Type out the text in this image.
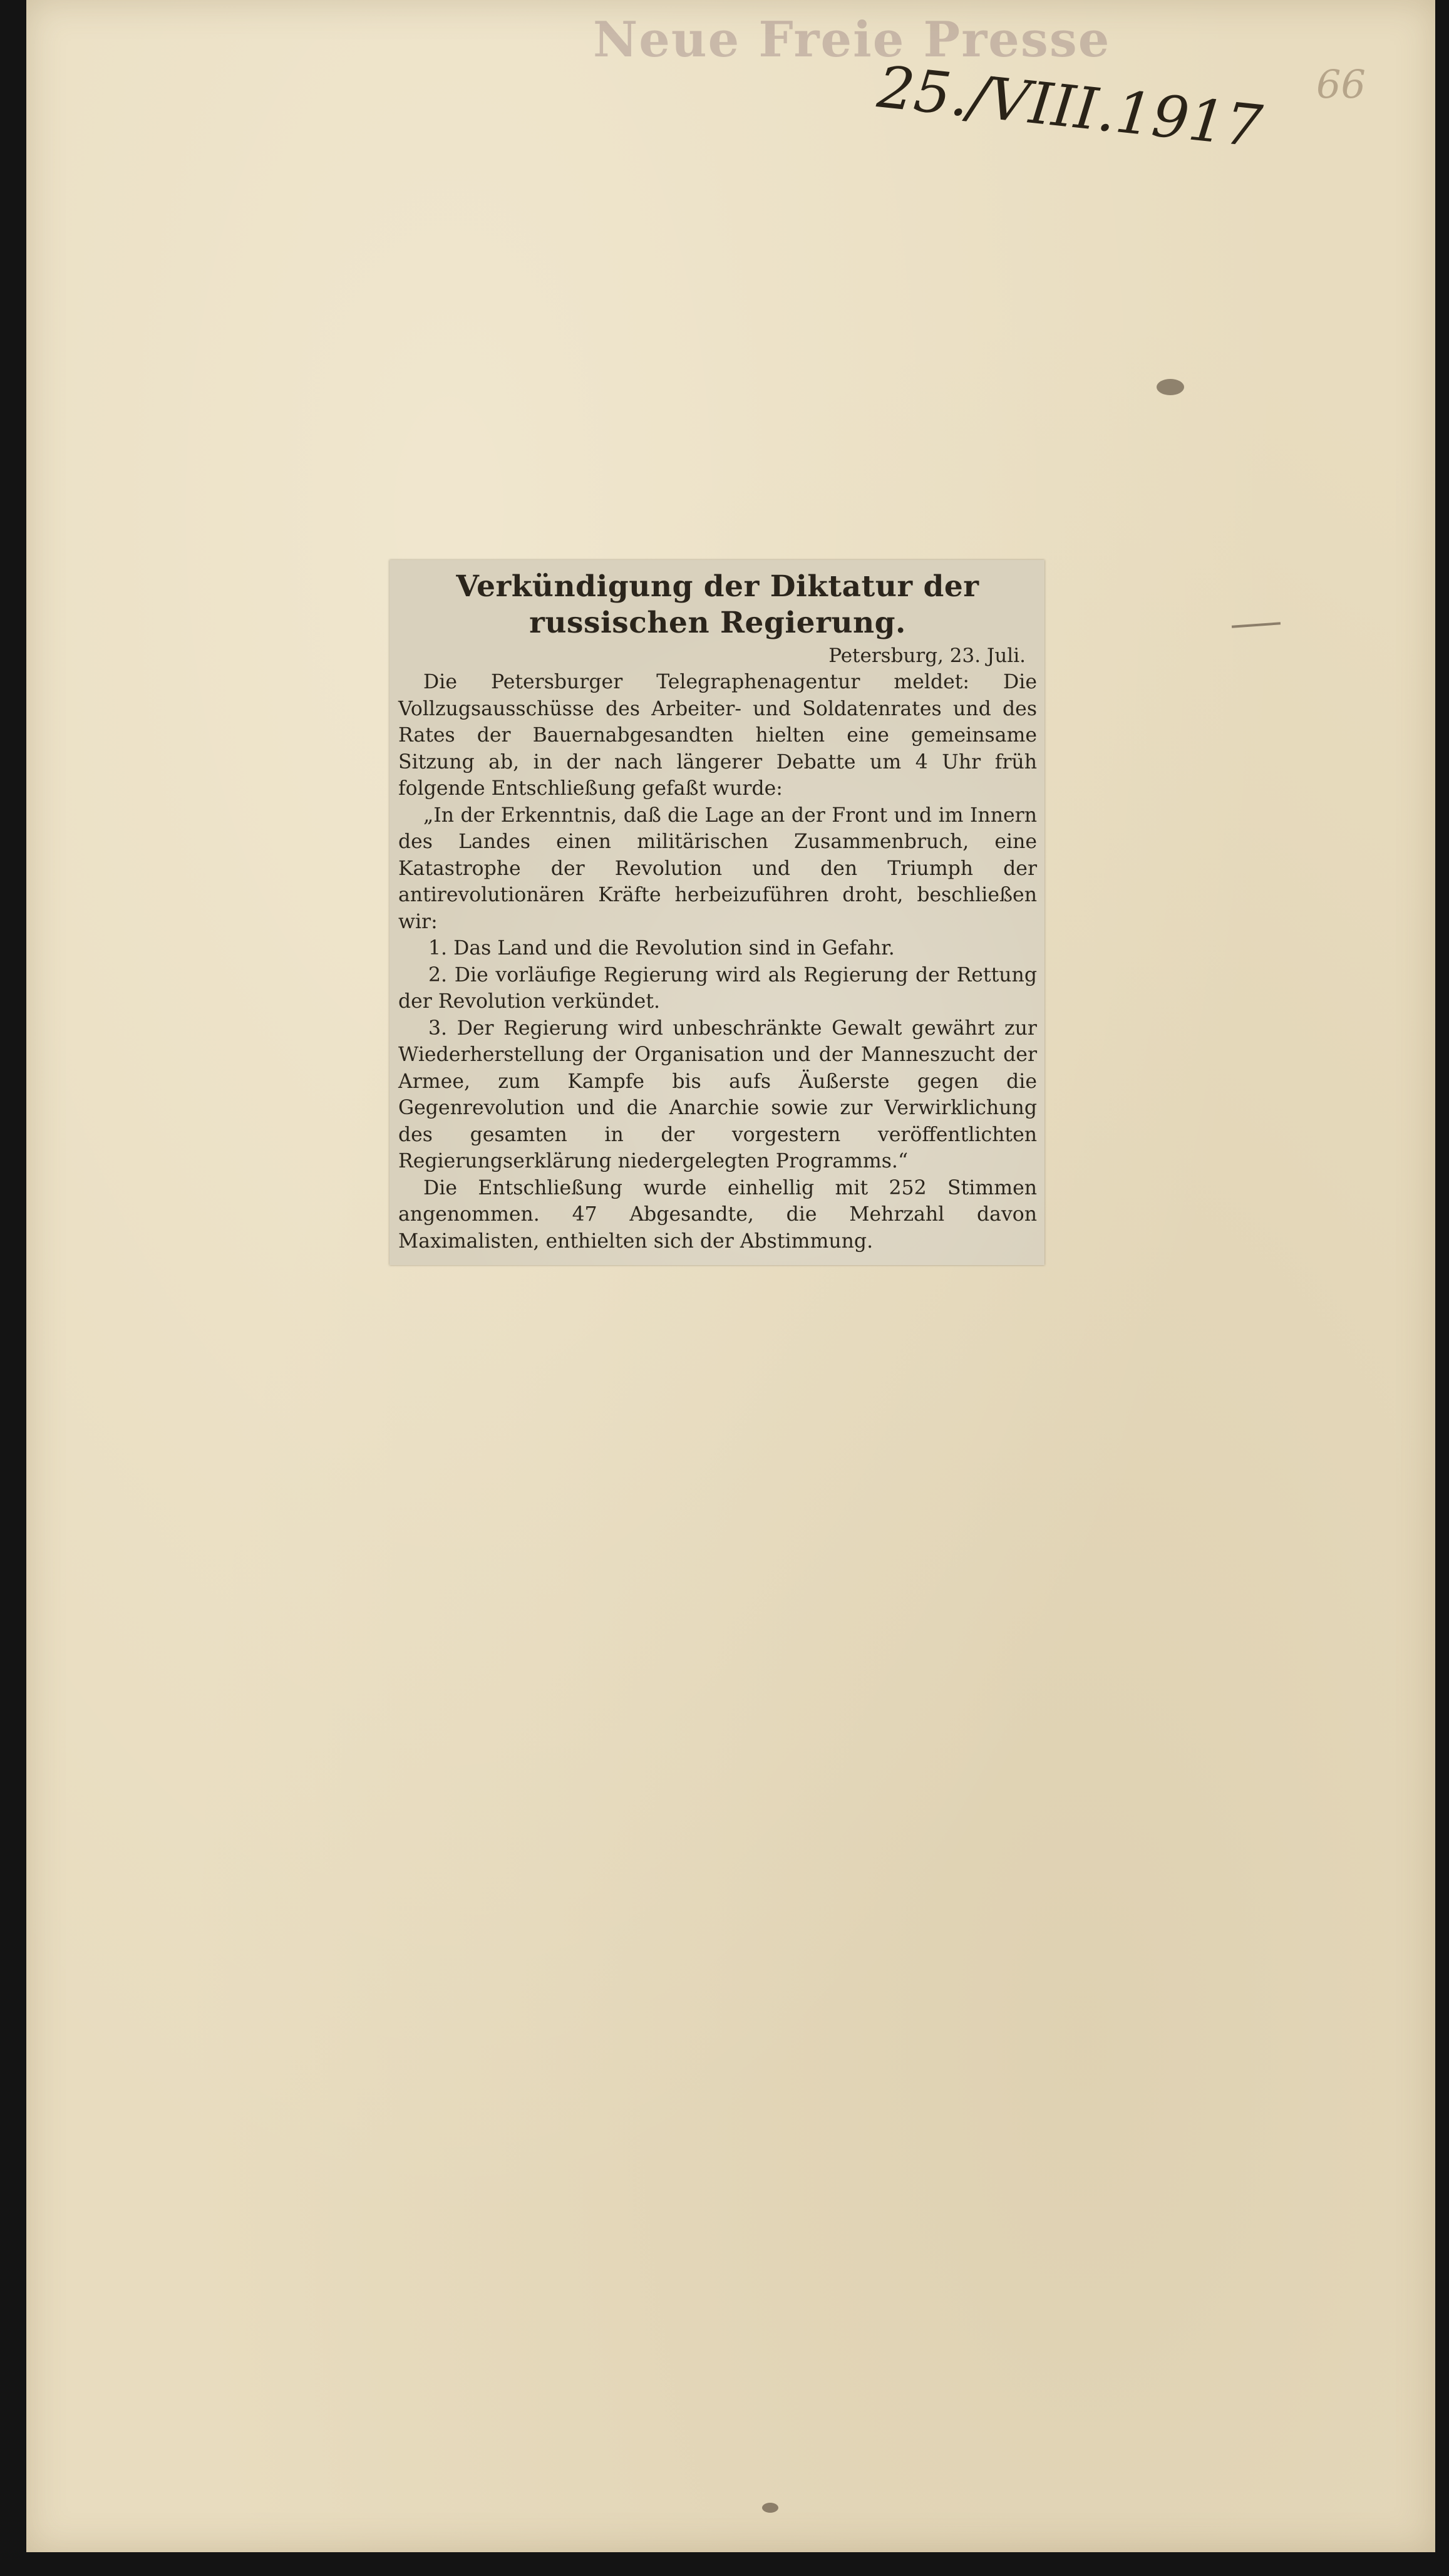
Neue Freie Presse
25./VIII.1917 66
Verkündigung der Diktatur der russischen Regierung.
Petersburg, 23. Juli.

Die Petersburger Telegraphenagentur meldet: Die Vollzugsausschüsse des Arbeiter- und Soldatenrates und des Rates der Bauernabgesandten hielten eine gemeinsame Sitzung ab, in der nach längerer Debatte um 4 Uhr früh folgende Entschließung gefaßt wurde:

„In der Erkenntnis, daß die Lage an der Front und im Innern des Landes einen militärischen Zusammenbruch, eine Katastrophe der Revolution und den Triumph der antirevolutionären Kräfte herbeizuführen droht, beschließen wir:

1. Das Land und die Revolution sind in Gefahr.

2. Die vorläufige Regierung wird als Regierung der Rettung der Revolution verkündet.

3. Der Regierung wird unbeschränkte Gewalt gewährt zur Wiederherstellung der Organisation und der Manneszucht der Armee, zum Kampfe bis aufs Äußerste gegen die Gegenrevolution und die Anarchie sowie zur Verwirklichung des gesamten in der vorgestern veröffentlichten Regierungserklärung niedergelegten Programms.“

Die Entschließung wurde einhellig mit 252 Stimmen angenommen. 47 Abgesandte, die Mehrzahl davon Maximalisten, enthielten sich der Abstimmung.
